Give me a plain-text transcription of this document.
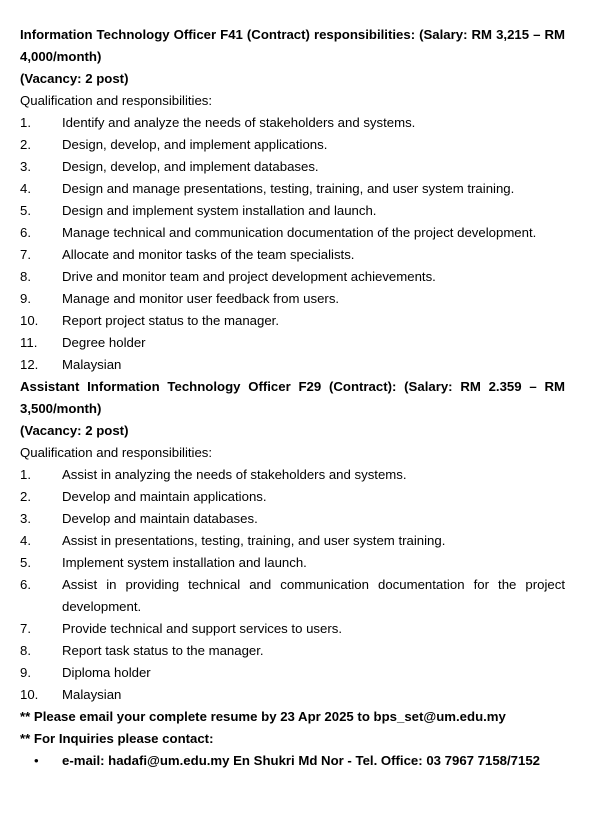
Information Technology Officer F41 (Contract) responsibilities: (Salary: RM 3,215 – RM 4,000/month)

(Vacancy: 2 post)

Qualification and responsibilities:

1.	Identify and analyze the needs of stakeholders and systems.
2.	Design, develop, and implement applications.
3.	Design, develop, and implement databases.
4.	Design and manage presentations, testing, training, and user system training.
5.	Design and implement system installation and launch.
6.	Manage technical and communication documentation of the project development.
7.	Allocate and monitor tasks of the team specialists.
8.	Drive and monitor team and project development achievements.
9.	Manage and monitor user feedback from users.
10.	Report project status to the manager.
11.	Degree holder
12.	Malaysian

Assistant Information Technology Officer F29 (Contract): (Salary: RM 2.359 – RM 3,500/month)

(Vacancy: 2 post)

Qualification and responsibilities:

1.	Assist in analyzing the needs of stakeholders and systems.
2.	Develop and maintain applications.
3.	Develop and maintain databases.
4.	Assist in presentations, testing, training, and user system training.
5.	Implement system installation and launch.
6.	Assist in providing technical and communication documentation for the project development.
7.	Provide technical and support services to users.
8.	Report task status to the manager.
9.	Diploma holder
10.	Malaysian

** Please email your complete resume by 23 Apr 2025 to bps_set@um.edu.my

** For Inquiries please contact:

• e-mail: hadafi@um.edu.my En Shukri Md Nor - Tel. Office: 03 7967 7158/7152
